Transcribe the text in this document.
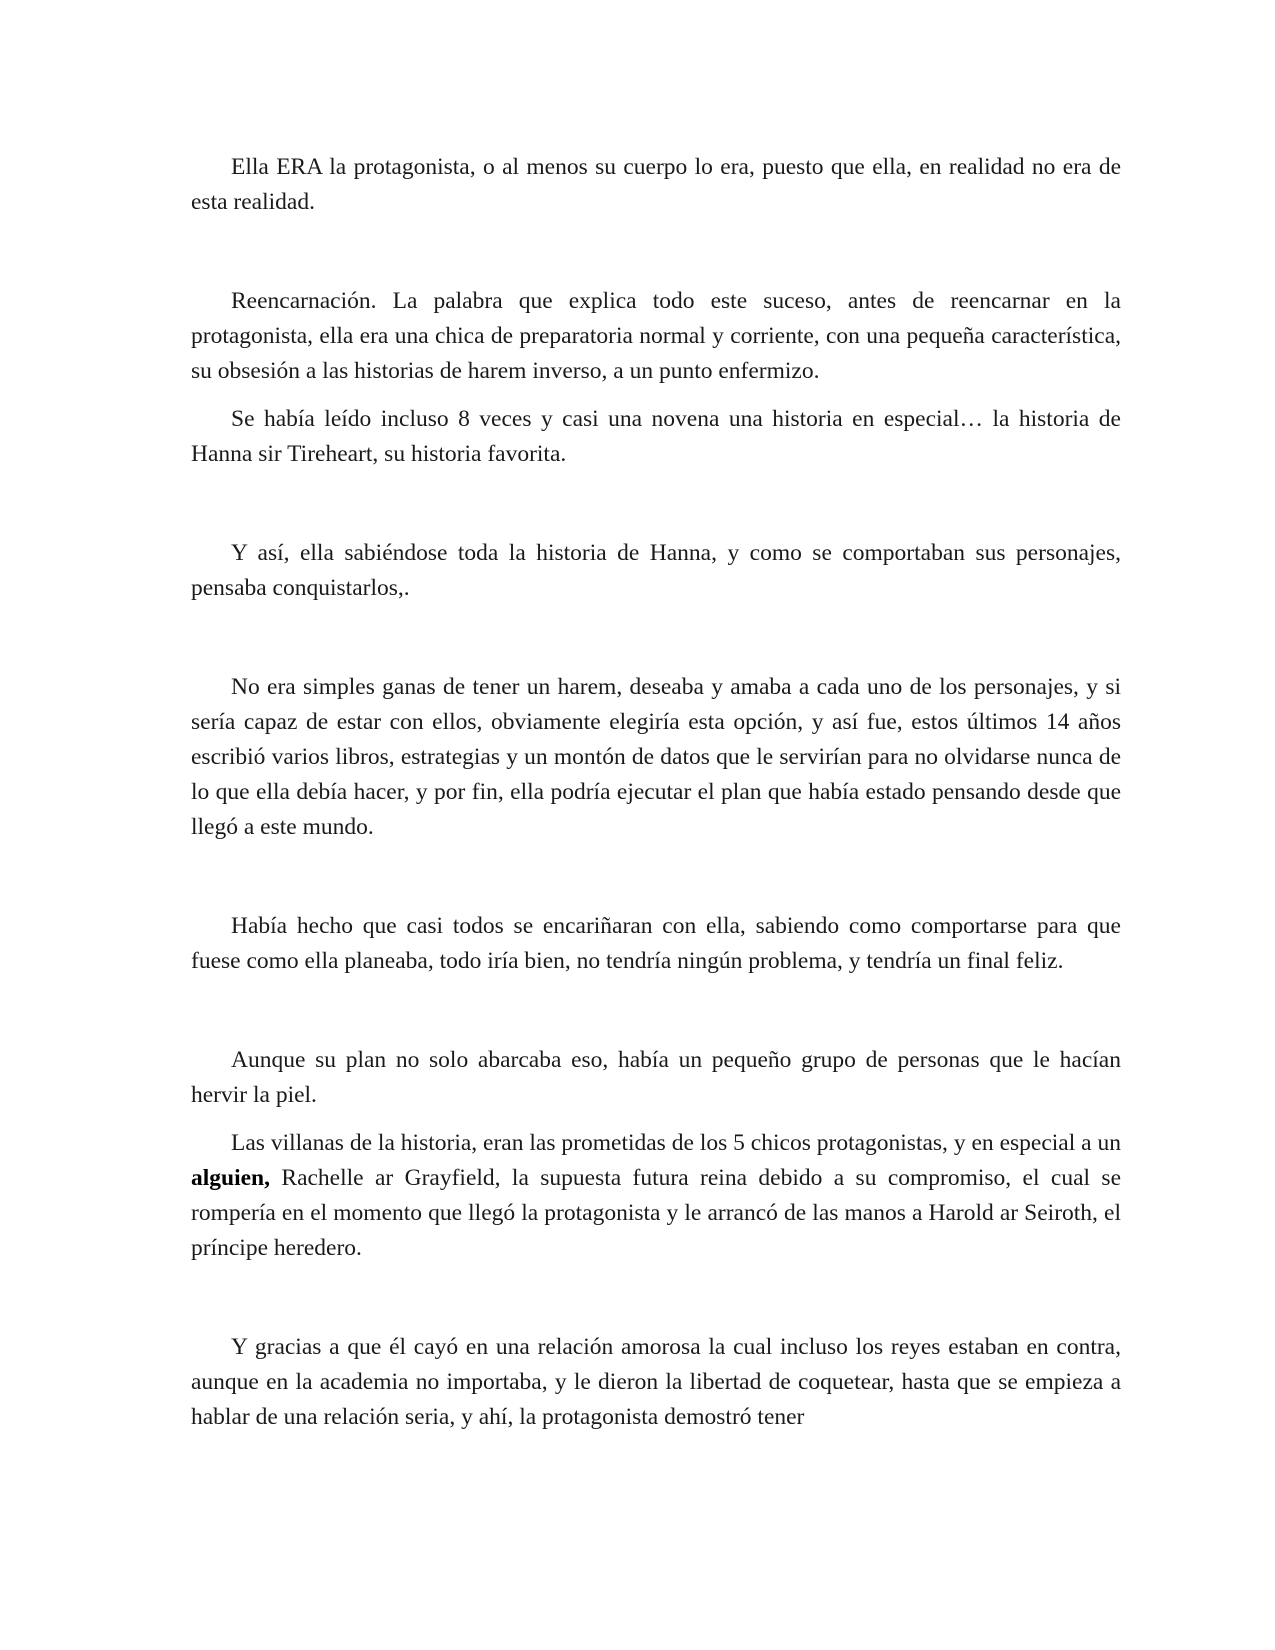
Ella ERA la protagonista, o al menos su cuerpo lo era, puesto que ella, en realidad no era de esta realidad.

Reencarnación. La palabra que explica todo este suceso, antes de reencarnar en la protagonista, ella era una chica de preparatoria normal y corriente, con una pequeña característica, su obsesión a las historias de harem inverso, a un punto enfermizo.

Se había leído incluso 8 veces y casi una novena una historia en especial… la historia de Hanna sir Tireheart, su historia favorita.

Y así, ella sabiéndose toda la historia de Hanna, y como se comportaban sus personajes, pensaba conquistarlos,.

No era simples ganas de tener un harem, deseaba y amaba a cada uno de los personajes, y si sería capaz de estar con ellos, obviamente elegiría esta opción, y así fue, estos últimos 14 años escribió varios libros, estrategias y un montón de datos que le servirían para no olvidarse nunca de lo que ella debía hacer, y por fin, ella podría ejecutar el plan que había estado pensando desde que llegó a este mundo.

Había hecho que casi todos se encariñaran con ella, sabiendo como comportarse para que fuese como ella planeaba, todo iría bien, no tendría ningún problema, y tendría un final feliz.

Aunque su plan no solo abarcaba eso, había un pequeño grupo de personas que le hacían hervir la piel.

Las villanas de la historia, eran las prometidas de los 5 chicos protagonistas, y en especial a un alguien, Rachelle ar Grayfield, la supuesta futura reina debido a su compromiso, el cual se rompería en el momento que llegó la protagonista y le arrancó de las manos a Harold ar Seiroth, el príncipe heredero.

Y gracias a que él cayó en una relación amorosa la cual incluso los reyes estaban en contra, aunque en la academia no importaba, y le dieron la libertad de coquetear, hasta que se empieza a hablar de una relación seria, y ahí, la protagonista demostró tener
